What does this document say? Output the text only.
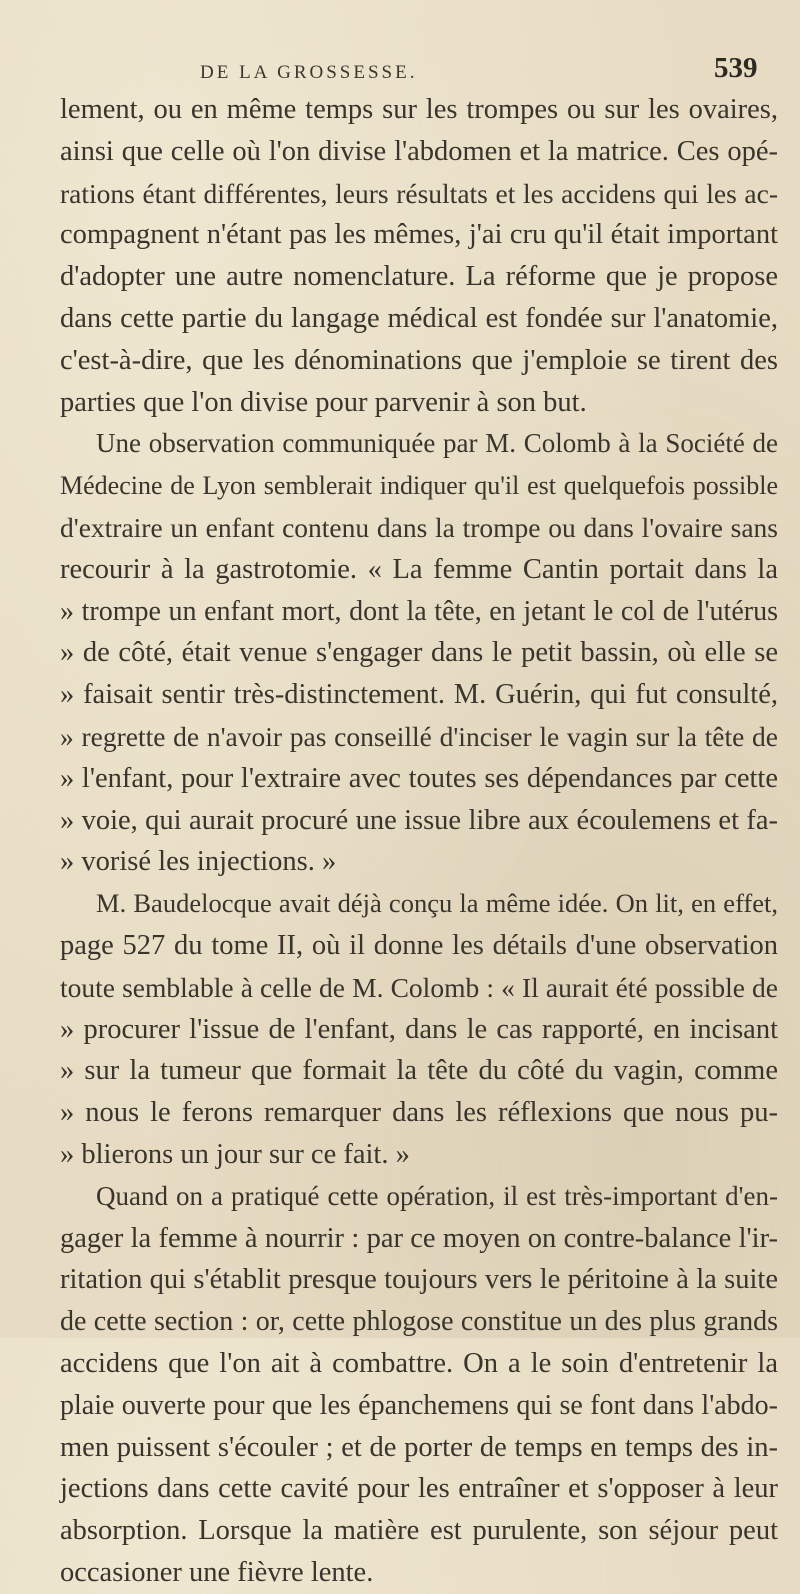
DE LA GROSSESSE.	539
lement, ou en même temps sur les trompes ou sur les ovaires,
ainsi que celle où l'on divise l'abdomen et la matrice. Ces opé-
rations étant différentes, leurs résultats et les accidens qui les ac-
compagnent n'étant pas les mêmes, j'ai cru qu'il était important
d'adopter une autre nomenclature. La réforme que je propose
dans cette partie du langage médical est fondée sur l'anatomie,
c'est-à-dire, que les dénominations que j'emploie se tirent des
parties que l'on divise pour parvenir à son but.
Une observation communiquée par M. Colomb à la Société de
Médecine de Lyon semblerait indiquer qu'il est quelquefois possible
d'extraire un enfant contenu dans la trompe ou dans l'ovaire sans
recourir à la gastrotomie. « La femme Cantin portait dans la
» trompe un enfant mort, dont la tête, en jetant le col de l'utérus
» de côté, était venue s'engager dans le petit bassin, où elle se
» faisait sentir très-distinctement. M. Guérin, qui fut consulté,
» regrette de n'avoir pas conseillé d'inciser le vagin sur la tête de
» l'enfant, pour l'extraire avec toutes ses dépendances par cette
» voie, qui aurait procuré une issue libre aux écoulemens et fa-
» vorisé les injections. »
M. Baudelocque avait déjà conçu la même idée. On lit, en effet,
page 527 du tome II, où il donne les détails d'une observation
toute semblable à celle de M. Colomb : « Il aurait été possible de
» procurer l'issue de l'enfant, dans le cas rapporté, en incisant
» sur la tumeur que formait la tête du côté du vagin, comme
» nous le ferons remarquer dans les réflexions que nous pu-
» blierons un jour sur ce fait. »
Quand on a pratiqué cette opération, il est très-important d'en-
gager la femme à nourrir : par ce moyen on contre-balance l'ir-
ritation qui s'établit presque toujours vers le péritoine à la suite
de cette section : or, cette phlogose constitue un des plus grands
accidens que l'on ait à combattre. On a le soin d'entretenir la
plaie ouverte pour que les épanchemens qui se font dans l'abdo-
men puissent s'écouler ; et de porter de temps en temps des in-
jections dans cette cavité pour les entraîner et s'opposer à leur
absorption. Lorsque la matière est purulente, son séjour peut
occasioner une fièvre lente.
